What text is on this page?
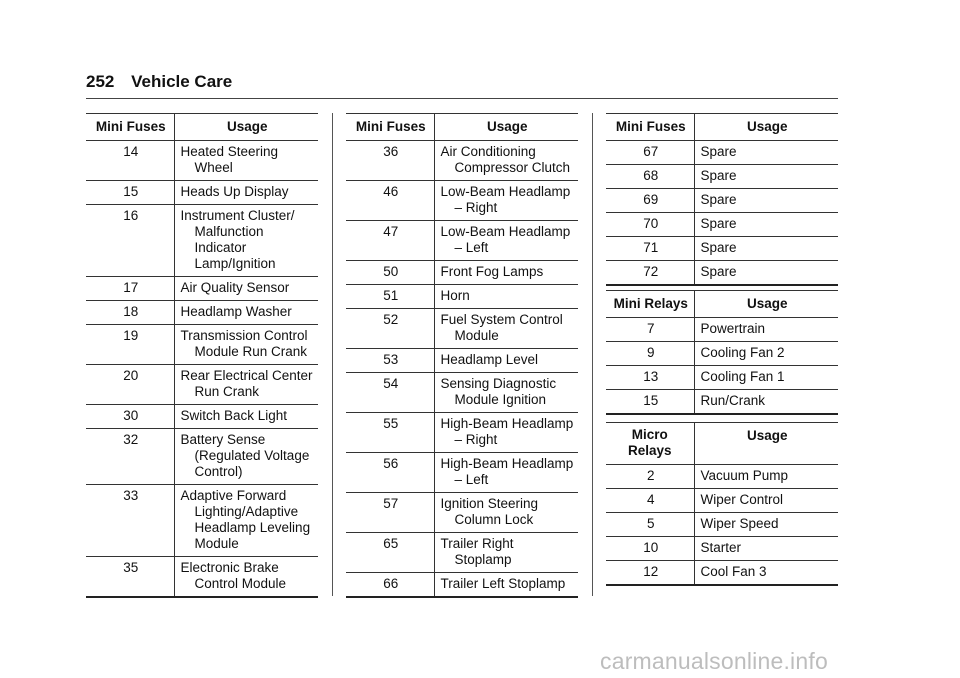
252 Vehicle Care
Mini Fuses	Usage
14	Heated Steering Wheel

15	Heads Up Display

16	Instrument Cluster/ Malfunction Indicator Lamp/Ignition

17	Air Quality Sensor

18	Headlamp Washer

19	Transmission Control Module Run Crank

20	Rear Electrical Center Run Crank

30	Switch Back Light

32	Battery Sense (Regulated Voltage Control)

33	Adaptive Forward Lighting/Adaptive Headlamp Leveling Module

35	Electronic Brake Control Module
Mini Fuses	Usage
36	Air Conditioning Compressor Clutch

46	Low-Beam Headlamp – Right

47	Low-Beam Headlamp – Left

50	Front Fog Lamps

51	Horn

52	Fuel System Control Module

53	Headlamp Level

54	Sensing Diagnostic Module Ignition

55	High-Beam Headlamp – Right

56	High-Beam Headlamp – Left

57	Ignition Steering Column Lock

65	Trailer Right Stoplamp

66	Trailer Left Stoplamp
Mini Fuses	Usage
67	Spare

68	Spare

69	Spare

70	Spare

71	Spare

72	Spare
Mini Relays	Usage
7	Powertrain

9	Cooling Fan 2

13	Cooling Fan 1

15	Run/Crank
Micro Relays	Usage
2	Vacuum Pump

4	Wiper Control

5	Wiper Speed

10	Starter

12	Cool Fan 3
carmanualsonline.info
